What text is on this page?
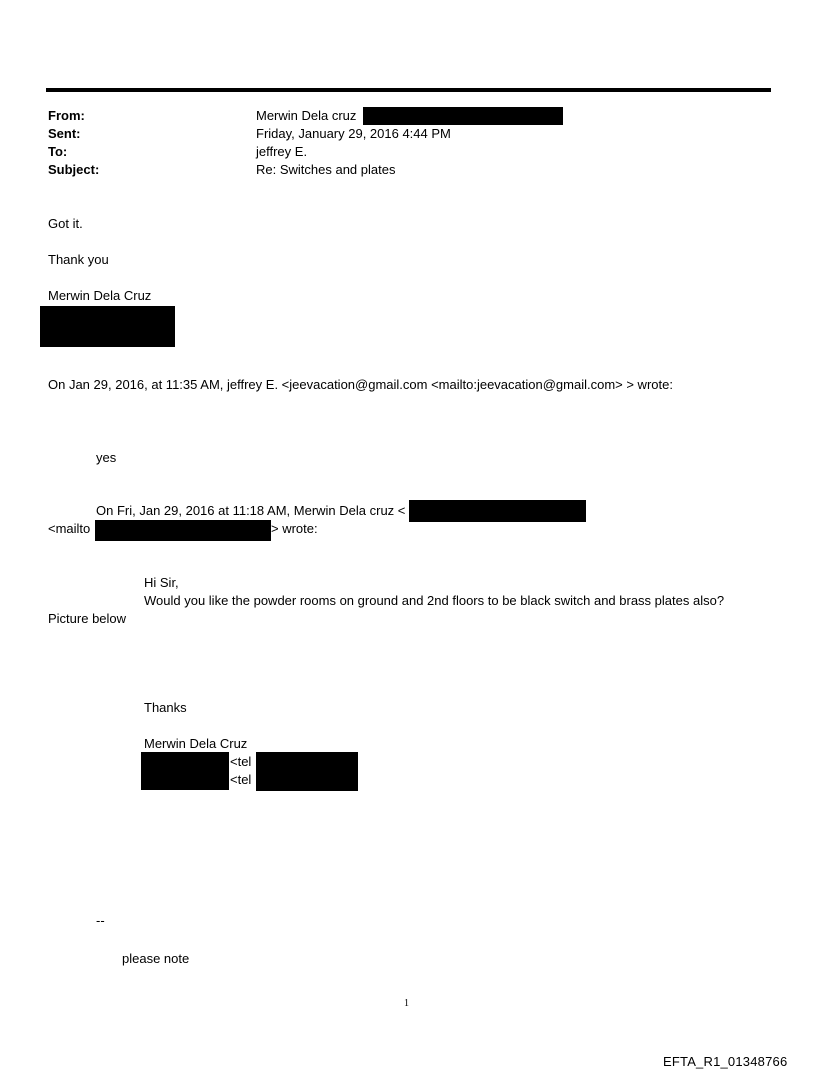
From:	Merwin Dela cruz
Sent:	Friday, January 29, 2016 4:44 PM
To:	jeffrey E.
Subject:	Re: Switches and plates
Got it.
Thank you
Merwin Dela Cruz
On Jan 29, 2016, at 11:35 AM, jeffrey E. <jeevacation@gmail.com <mailto:jeevacation@gmail.com> > wrote:
yes
On Fri, Jan 29, 2016 at 11:18 AM, Merwin Dela cruz <
<mailto	> wrote:
Hi Sir,
Would you like the powder rooms on ground and 2nd floors to be black switch and brass plates also?
Picture below
Thanks
Merwin Dela Cruz
<tel
<tel
--
please note
1
EFTA_R1_01348766
